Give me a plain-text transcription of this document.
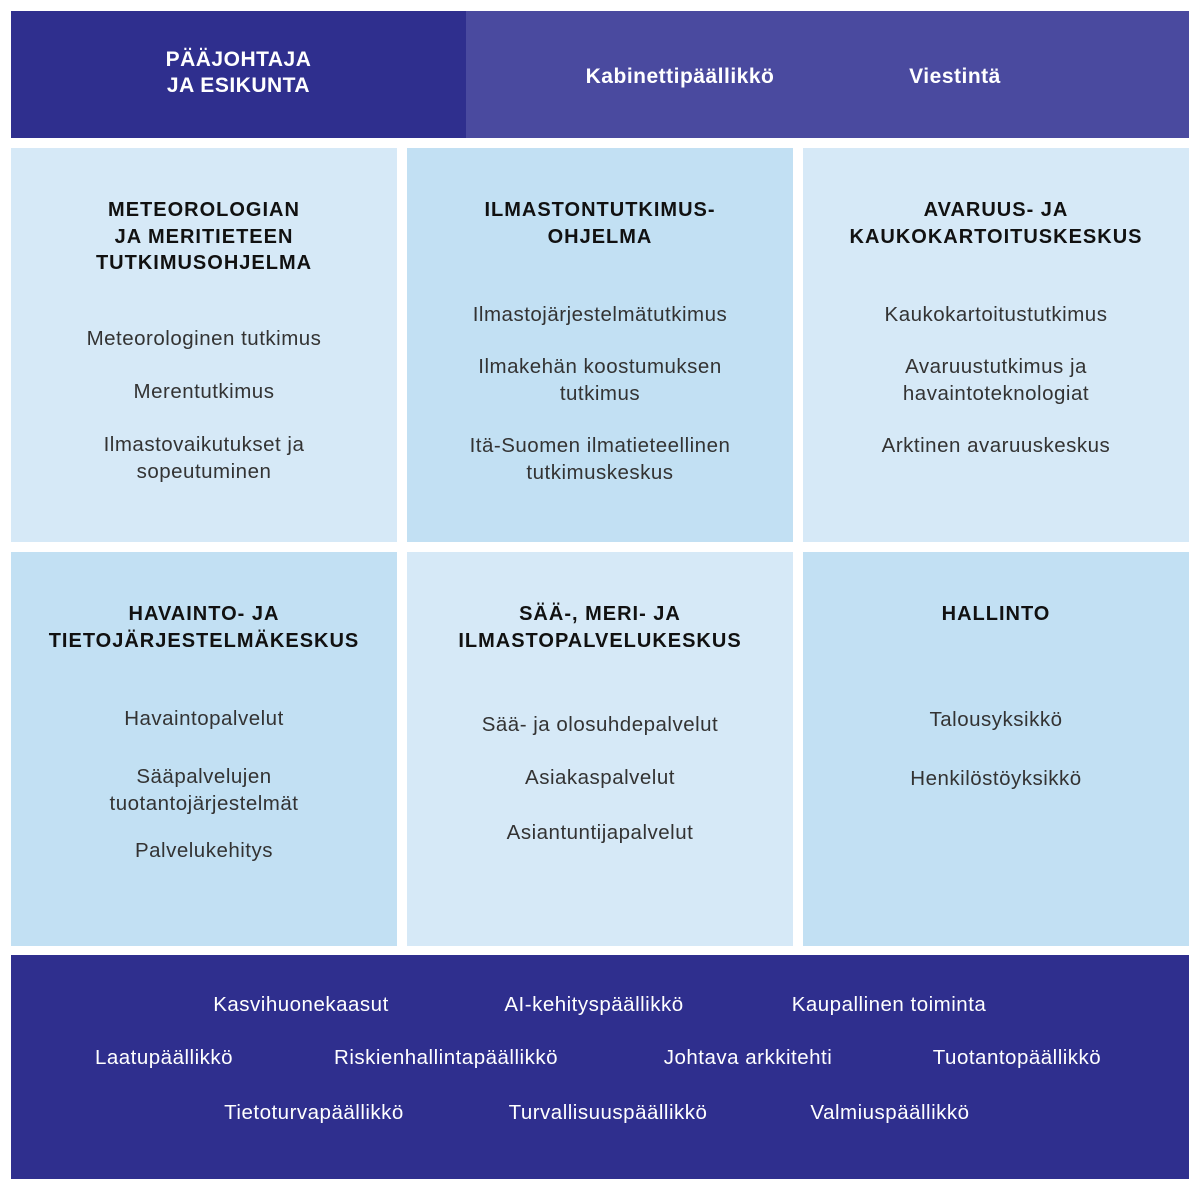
PÄÄJOHTAJA
JA ESIKUNTA	Kabinettipäällikkö	Viestintä
METEOROLOGIAN
JA MERITIETEEN
TUTKIMUSOHJELMA
Meteorologinen tutkimus
Merentutkimus
Ilmastovaikutukset ja
sopeutuminen
ILMASTONTUTKIMUS-
OHJELMA
Ilmastojärjestelmätutkimus
Ilmakehän koostumuksen
tutkimus
Itä-Suomen ilmatieteellinen
tutkimuskeskus
AVARUUS- JA
KAUKOKARTOITUSKESKUS
Kaukokartoitustutkimus
Avaruustutkimus ja
havaintoteknologiat
Arktinen avaruuskeskus
HAVAINTO- JA
TIETOJÄRJESTELMÄKESKUS
Havaintopalvelut
Sääpalvelujen
tuotantojärjestelmät
Palvelukehitys
SÄÄ-, MERI- JA
ILMASTOPALVELUKESKUS
Sää- ja olosuhdepalvelut
Asiakaspalvelut
Asiantuntijapalvelut
HALLINTO
Talousyksikkö
Henkilöstöyksikkö
Kasvihuonekaasut	AI-kehityspäällikkö	Kaupallinen toiminta
Laatupäällikkö	Riskienhallintapäällikkö	Johtava arkkitehti	Tuotantopäällikkö
Tietoturvapäällikkö	Turvallisuuspäällikkö	Valmiuspäällikkö
